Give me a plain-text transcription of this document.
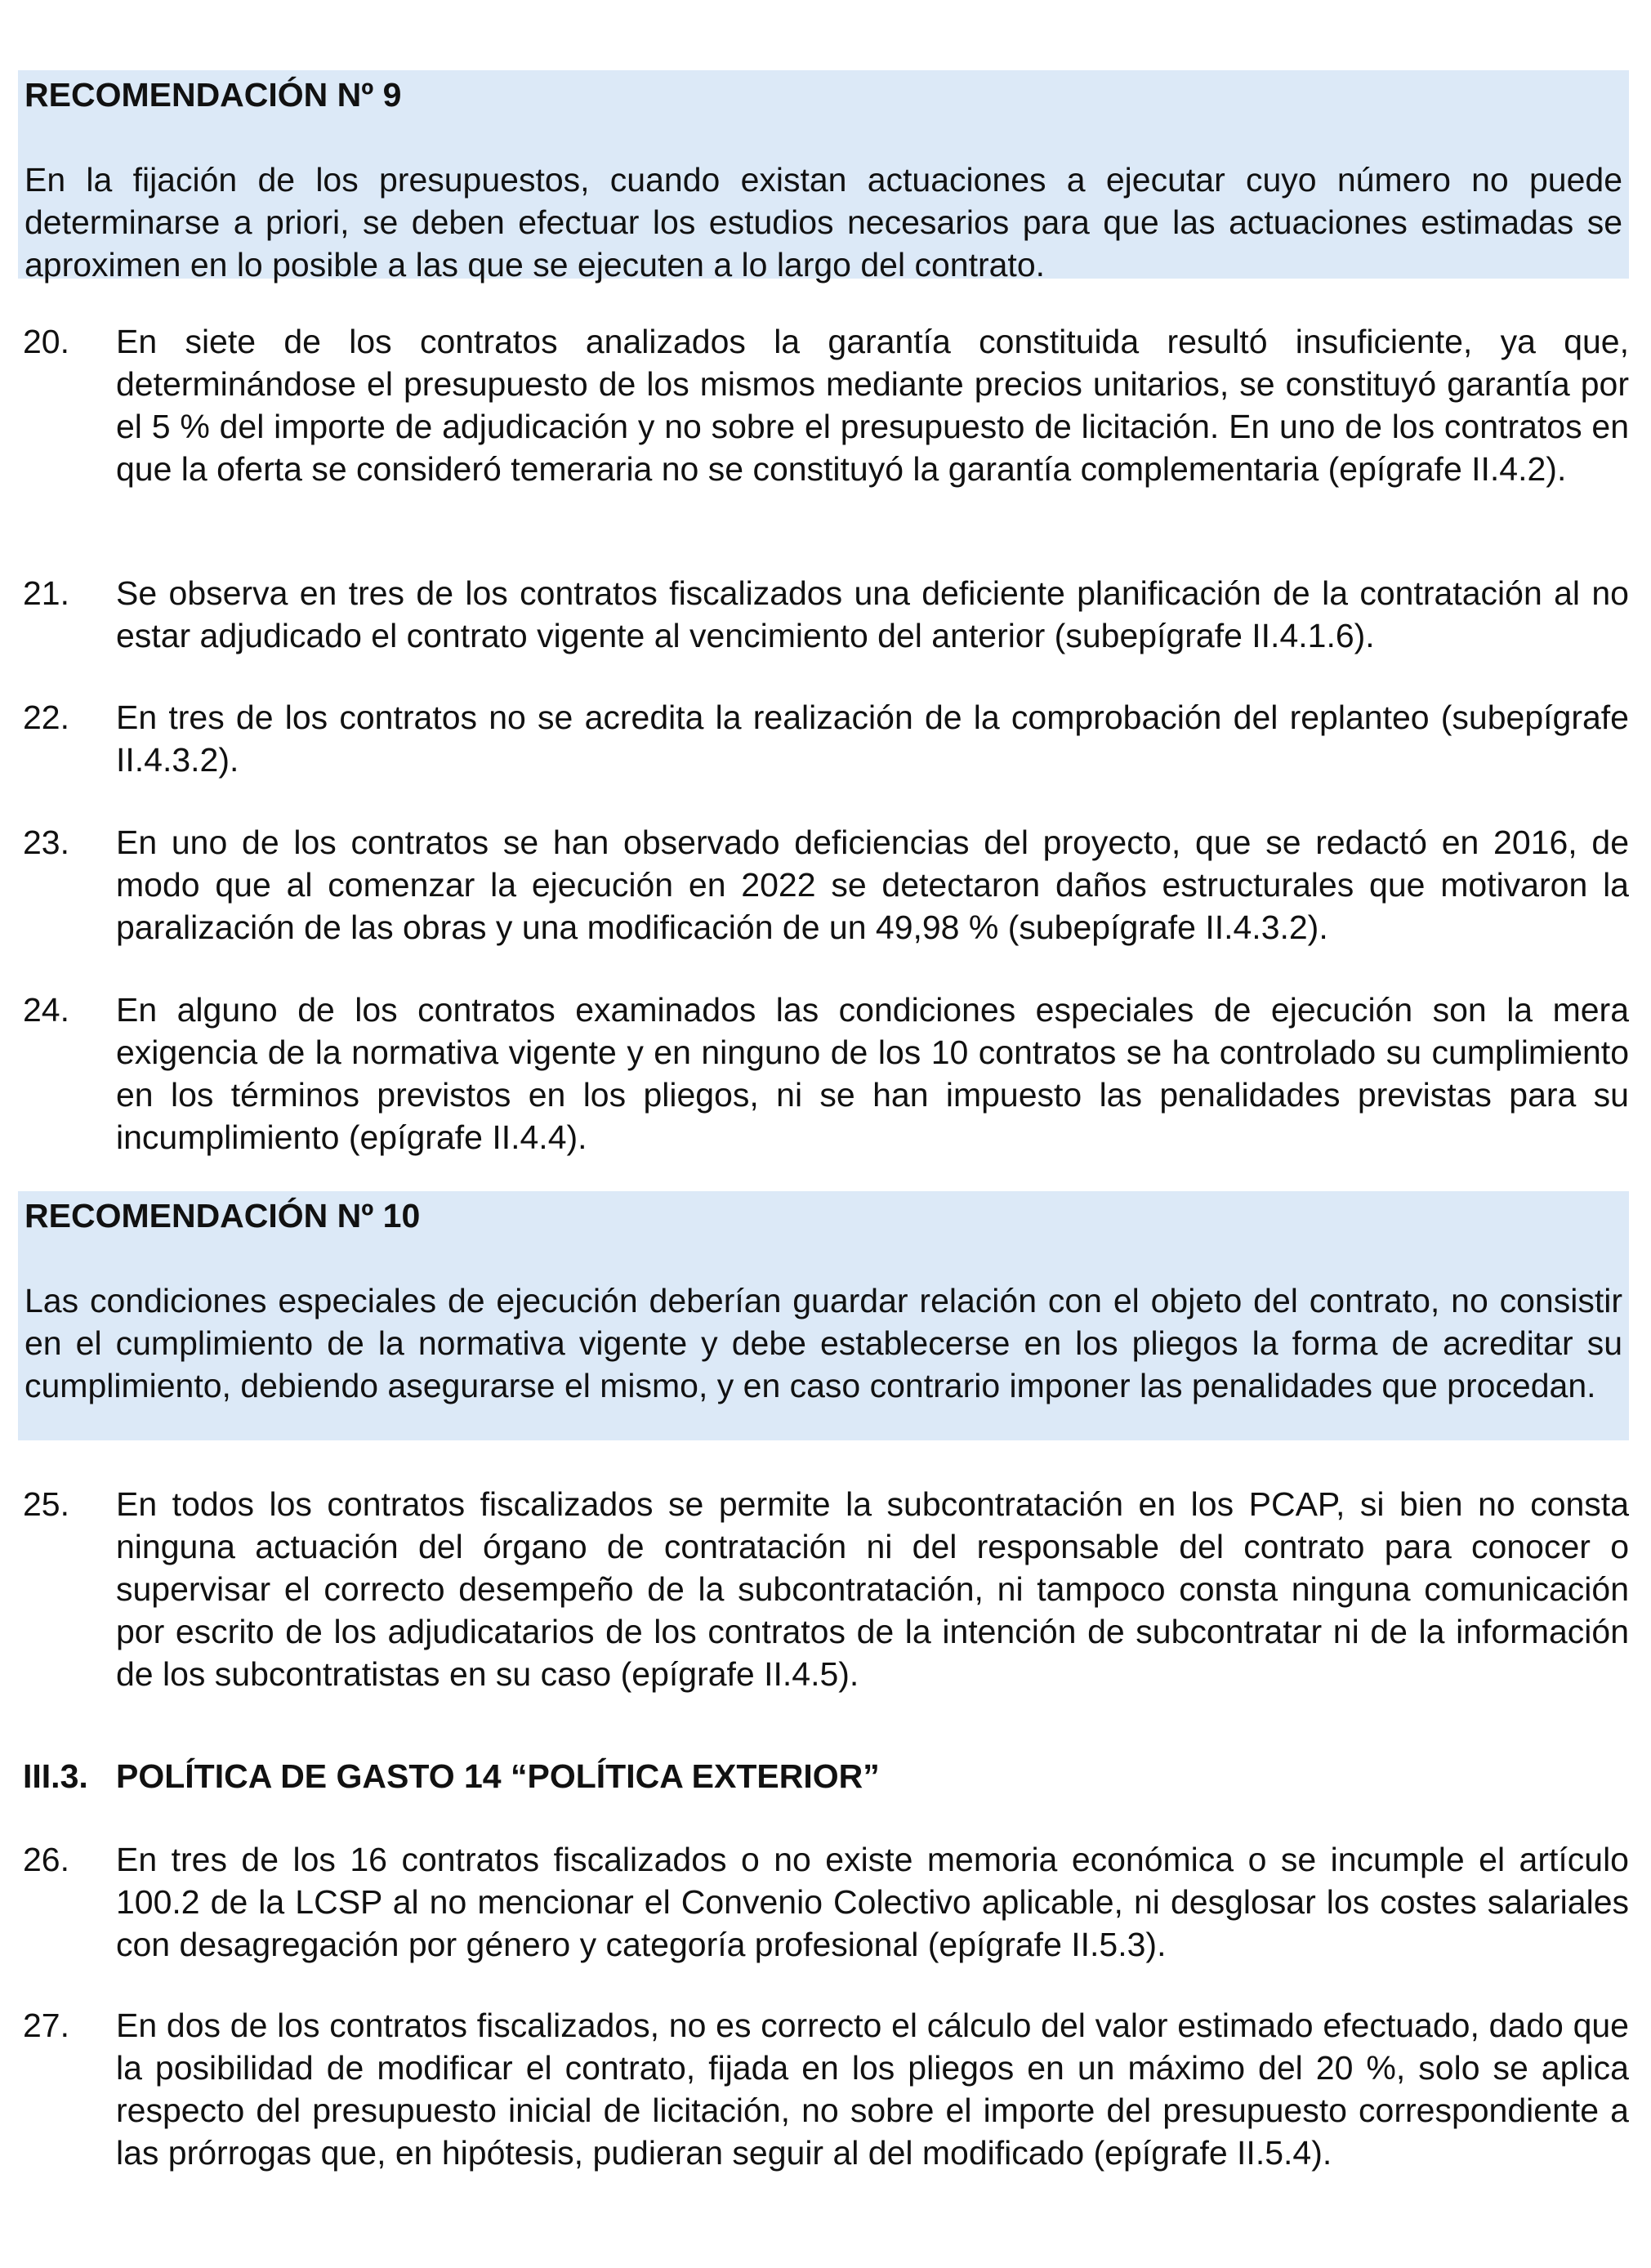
RECOMENDACIÓN Nº 9

En la fijación de los presupuestos, cuando existan actuaciones a ejecutar cuyo número no puede determinarse a priori, se deben efectuar los estudios necesarios para que las actuaciones estimadas se aproximen en lo posible a las que se ejecuten a lo largo del contrato.

20. En siete de los contratos analizados la garantía constituida resultó insuficiente, ya que, determinándose el presupuesto de los mismos mediante precios unitarios, se constituyó garantía por el 5 % del importe de adjudicación y no sobre el presupuesto de licitación. En uno de los contratos en que la oferta se consideró temeraria no se constituyó la garantía complementaria (epígrafe II.4.2).
21. Se observa en tres de los contratos fiscalizados una deficiente planificación de la contratación al no estar adjudicado el contrato vigente al vencimiento del anterior (subepígrafe II.4.1.6).
22. En tres de los contratos no se acredita la realización de la comprobación del replanteo (subepígrafe II.4.3.2).
23. En uno de los contratos se han observado deficiencias del proyecto, que se redactó en 2016, de modo que al comenzar la ejecución en 2022 se detectaron daños estructurales que motivaron la paralización de las obras y una modificación de un 49,98 % (subepígrafe II.4.3.2).
24. En alguno de los contratos examinados las condiciones especiales de ejecución son la mera exigencia de la normativa vigente y en ninguno de los 10 contratos se ha controlado su cumplimiento en los términos previstos en los pliegos, ni se han impuesto las penalidades previstas para su incumplimiento (epígrafe II.4.4).

RECOMENDACIÓN Nº 10

Las condiciones especiales de ejecución deberían guardar relación con el objeto del contrato, no consistir en el cumplimiento de la normativa vigente y debe establecerse en los pliegos la forma de acreditar su cumplimiento, debiendo asegurarse el mismo, y en caso contrario imponer las penalidades que procedan.

25. En todos los contratos fiscalizados se permite la subcontratación en los PCAP, si bien no consta ninguna actuación del órgano de contratación ni del responsable del contrato para conocer o supervisar el correcto desempeño de la subcontratación, ni tampoco consta ninguna comunicación por escrito de los adjudicatarios de los contratos de la intención de subcontratar ni de la información de los subcontratistas en su caso (epígrafe II.4.5).
III.3. POLÍTICA DE GASTO 14 “POLÍTICA EXTERIOR”
26. En tres de los 16 contratos fiscalizados o no existe memoria económica o se incumple el artículo 100.2 de la LCSP al no mencionar el Convenio Colectivo aplicable, ni desglosar los costes salariales con desagregación por género y categoría profesional (epígrafe II.5.3).
27. En dos de los contratos fiscalizados, no es correcto el cálculo del valor estimado efectuado, dado que la posibilidad de modificar el contrato, fijada en los pliegos en un máximo del 20 %, solo se aplica respecto del presupuesto inicial de licitación, no sobre el importe del presupuesto correspondiente a las prórrogas que, en hipótesis, pudieran seguir al del modificado (epígrafe II.5.4).
